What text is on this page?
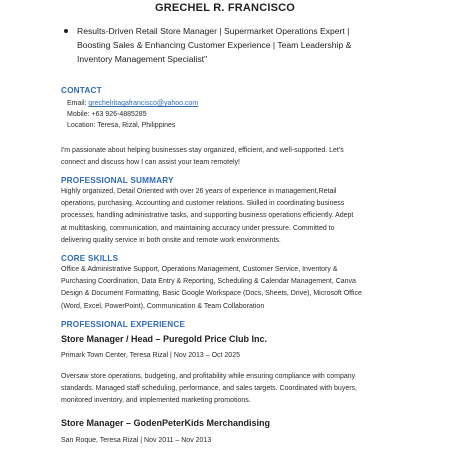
GRECHEL R. FRANCISCO
Results-Driven Retail Store Manager | Supermarket Operations Expert | Boosting Sales & Enhancing Customer Experience | Team Leadership & Inventory Management Specialist"
CONTACT
Email: grechelritagafrancisco@yahoo.com
Mobile: +63 926-4885285
Location: Teresa, Rizal, Philippines
I'm passionate about helping businesses stay organized, efficient, and well-supported. Let's
connect and discuss how I can assist your team remotely!
PROFESSIONAL SUMMARY
Highly organized, Detail Oriented with over 26 years of experience in management,Retail
operations, purchasing, Accounting and customer relations. Skilled in coordinating business
processes, handling administrative tasks, and supporting business operations efficiently. Adept
at multitasking, communication, and maintaining accuracy under pressure. Committed to
delivering quality service in both onsite and remote work environments.
CORE SKILLS
Office & Administrative Support, Operations Management, Customer Service, Inventory &
Purchasing Coordination, Data Entry & Reporting, Scheduling & Calendar Management, Canva
Design & Document Formatting, Basic Google Workspace (Docs, Sheets, Drive), Microsoft Office
(Word, Excel, PowerPoint), Communication & Team Collaboration
PROFESSIONAL EXPERIENCE
Store Manager / Head – Puregold Price Club Inc.
Primark Town Center, Teresa Rizal | Nov 2013 – Oct 2025
Oversaw store operations, budgeting, and profitability while ensuring compliance with company
standards. Managed staff scheduling, performance, and sales targets. Coordinated with buyers,
monitored inventory, and implemented marketing promotions.
Store Manager – GodenPeterKids Merchandising
San Roque, Teresa Rizal | Nov 2011 – Nov 2013
